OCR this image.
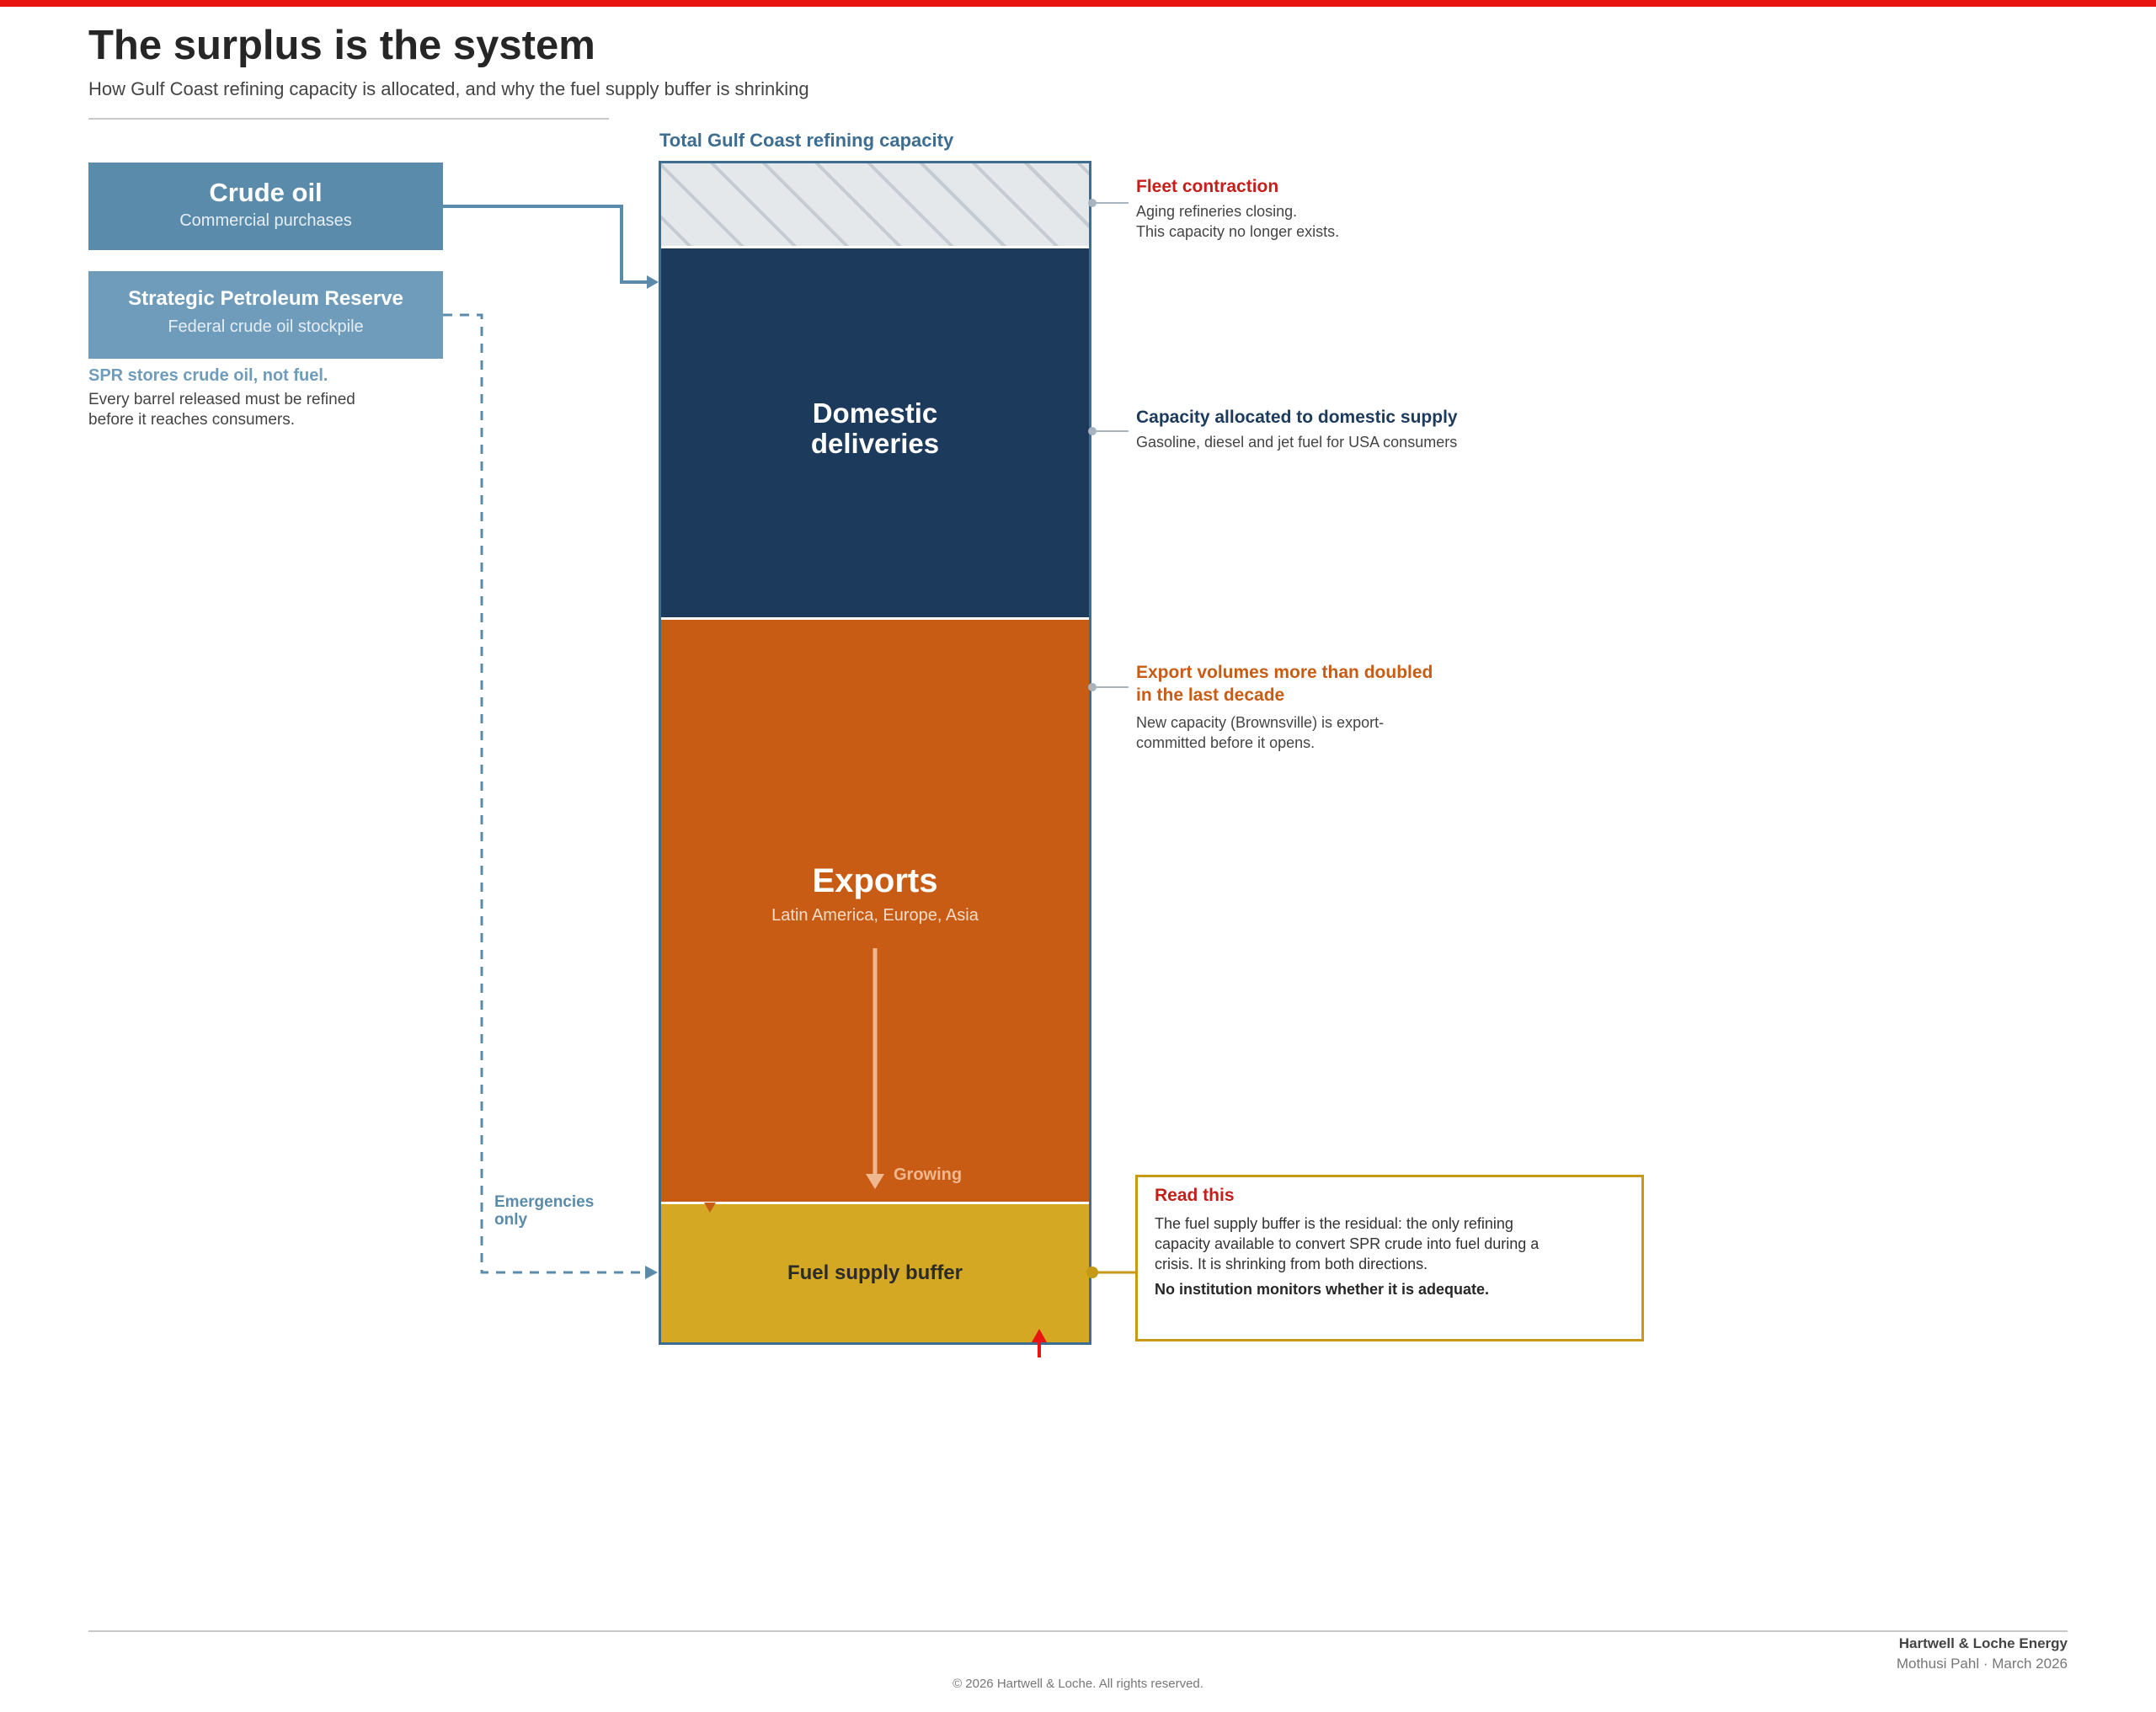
The surplus is the system
How Gulf Coast refining capacity is allocated, and why the fuel supply buffer is shrinking
Crude oil
Commercial purchases
Strategic Petroleum Reserve
Federal crude oil stockpile
SPR stores crude oil, not fuel.
Every barrel released must be refined
before it reaches consumers.
Total Gulf Coast refining capacity
Domestic
deliveries
Exports
Latin America, Europe, Asia
Growing
Fuel supply buffer
Emergencies
only
Fleet contraction
Aging refineries closing.
This capacity no longer exists.
Capacity allocated to domestic supply
Gasoline, diesel and jet fuel for USA consumers
Export volumes more than doubled
in the last decade
New capacity (Brownsville) is export-
committed before it opens.
Read this
The fuel supply buffer is the residual: the only refining
capacity available to convert SPR crude into fuel during a
crisis. It is shrinking from both directions.
No institution monitors whether it is adequate.
Hartwell & Loche Energy
Mothusi Pahl · March 2026
© 2026 Hartwell & Loche. All rights reserved.
